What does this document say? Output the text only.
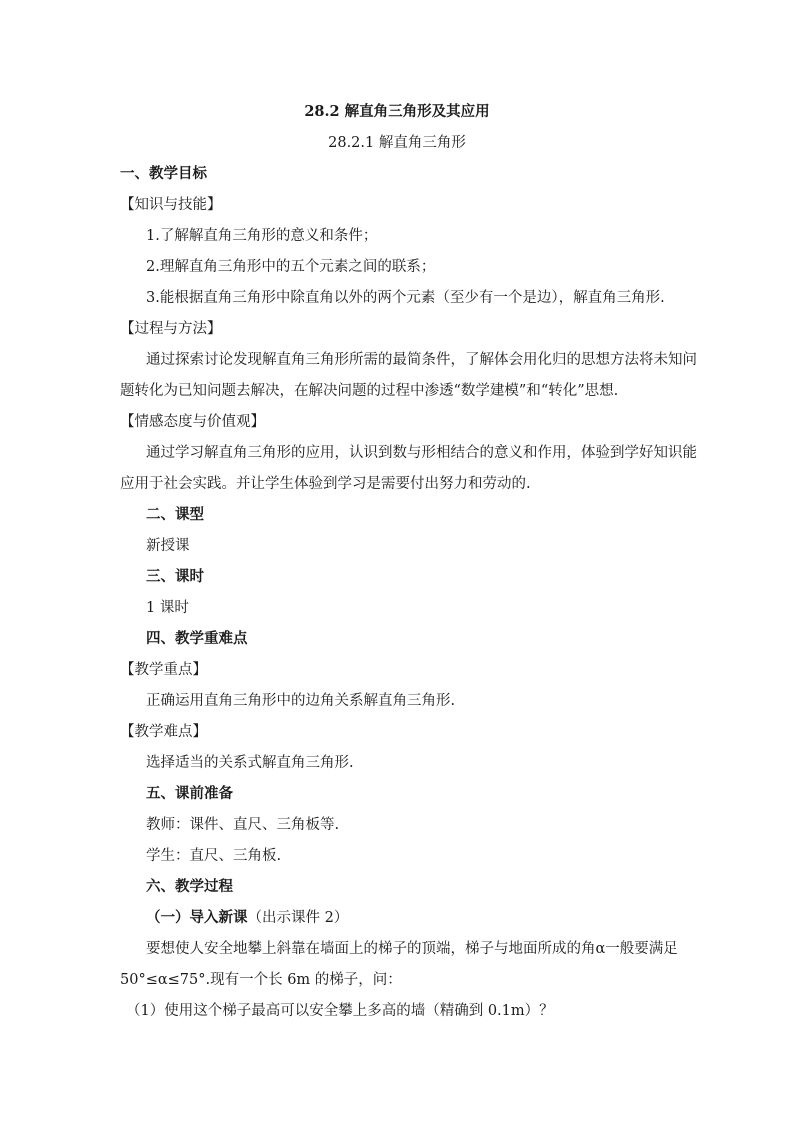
28.2 解直角三角形及其应用
28.2.1 解直角三角形
一、教学目标
【知识与技能】
1.了解解直角三角形的意义和条件；
2.理解直角三角形中的五个元素之间的联系；
3.能根据直角三角形中除直角以外的两个元素（至少有一个是边），解直角三角形.
【过程与方法】
通过探索讨论发现解直角三角形所需的最简条件，了解体会用化归的思想方法将未知问
题转化为已知问题去解决，在解决问题的过程中渗透“数学建模”和“转化”思想.
【情感态度与价值观】
通过学习解直角三角形的应用，认识到数与形相结合的意义和作用，体验到学好知识能
应用于社会实践。并让学生体验到学习是需要付出努力和劳动的.
二、课型
新授课
三、课时
1 课时
四、教学重难点
【教学重点】
正确运用直角三角形中的边角关系解直角三角形.
【教学难点】
选择适当的关系式解直角三角形.
五、课前准备
教师：课件、直尺、三角板等.
学生：直尺、三角板.
六、教学过程
（一）导入新课（出示课件 2）
要想使人安全地攀上斜靠在墙面上的梯子的顶端，梯子与地面所成的角α一般要满足
50°≤α≤75°.现有一个长 6m 的梯子，问：
（1）使用这个梯子最高可以安全攀上多高的墙（精确到 0.1m）？
